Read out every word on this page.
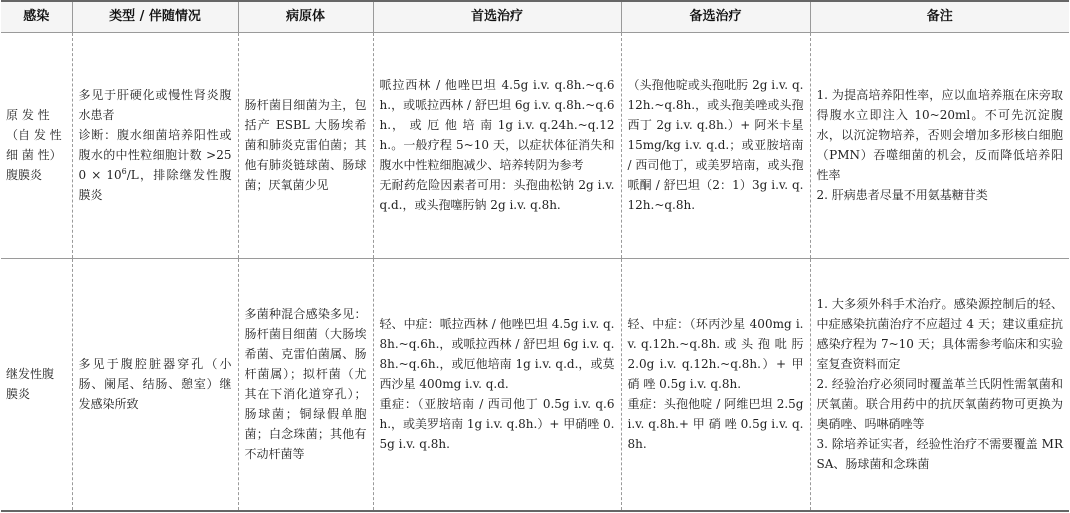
感染	类型 / 伴随情况	病原体	首选治疗	备选治疗	备注

原 发 性
（自 发 性
细 菌 性）
腹膜炎	多见于肝硬化或慢性肾炎腹水患者
诊断：腹水细菌培养阳性或腹水的中性粒细胞计数 $>250 \times 10^6/L$，排除继发性腹膜炎	肠杆菌目细菌为主，包括产 ESBL 大肠埃希菌和肺炎克雷伯菌；其他有肺炎链球菌、肠球菌；厌氧菌少见	哌拉西林 / 他唑巴坦 4.5g i.v. q.8h.~q.6h.，或哌拉西林 / 舒巴坦 6g i.v. q.8h.~q.6h.， 或 厄 他 培 南 1g i.v. q.24h.~q.12h.。一般疗程 5~10 天，以症状体征消失和腹水中性粒细胞减少、培养转阴为参考
无耐药危险因素者可用：头孢曲松钠 2g i.v. q.d.，或头孢噻肟钠 2g i.v. q.8h.	（头孢他啶或头孢吡肟 2g i.v. q.12h.~q.8h.，或头孢美唑或头孢西丁 2g i.v. q.8h.）+ 阿米卡星 15mg/kg i.v. q.d.；或亚胺培南 / 西司他丁，或美罗培南，或头孢哌酮 / 舒巴坦（2：1）3g i.v. q.12h.~q.8h.	1. 为提高培养阳性率，应以血培养瓶在床旁取得腹水立即注入 10~20ml。不可先沉淀腹水，以沉淀物培养，否则会增加多形核白细胞（PMN）吞噬细菌的机会，反而降低培养阳性率
2. 肝病患者尽量不用氨基糖苷类

继发性腹
膜炎	多见于腹腔脏器穿孔（小肠、阑尾、结肠、憩室）继发感染所致	多菌种混合感染多见：肠杆菌目细菌（大肠埃希菌、克雷伯菌属、肠杆菌属）；拟杆菌（尤其在下消化道穿孔）；肠球菌；铜绿假单胞菌；白念珠菌；其他有不动杆菌等	轻、中症：哌拉西林 / 他唑巴坦 4.5g i.v. q.8h.~q.6h.，或哌拉西林 / 舒巴坦 6g i.v. q.8h.~q.6h.，或厄他培南 1g i.v. q.d.，或莫西沙星 400mg i.v. q.d.
重症：（亚胺培南 / 西司他丁 0.5g i.v. q.6h.，或美罗培南 1g i.v. q.8h.）+ 甲硝唑 0.5g i.v. q.8h.	轻、中症：（环丙沙星 400mg i.v. q.12h.~q.8h. 或 头 孢 吡 肟 2.0g i.v. q.12h.~q.8h.）+ 甲 硝 唑 0.5g i.v. q.8h.
重症：头孢他啶 / 阿维巴坦 2.5g i.v. q.8h.+ 甲 硝 唑 0.5g i.v. q.8h.	1. 大多须外科手术治疗。感染源控制后的轻、中症感染抗菌治疗不应超过 4 天；建议重症抗感染疗程为 7~10 天；具体需参考临床和实验室复查资料而定
2. 经验治疗必须同时覆盖革兰氏阴性需氧菌和厌氧菌。联合用药中的抗厌氧菌药物可更换为奥硝唑、吗啉硝唑等
3. 除培养证实者，经验性治疗不需要覆盖 MRSA、肠球菌和念珠菌
